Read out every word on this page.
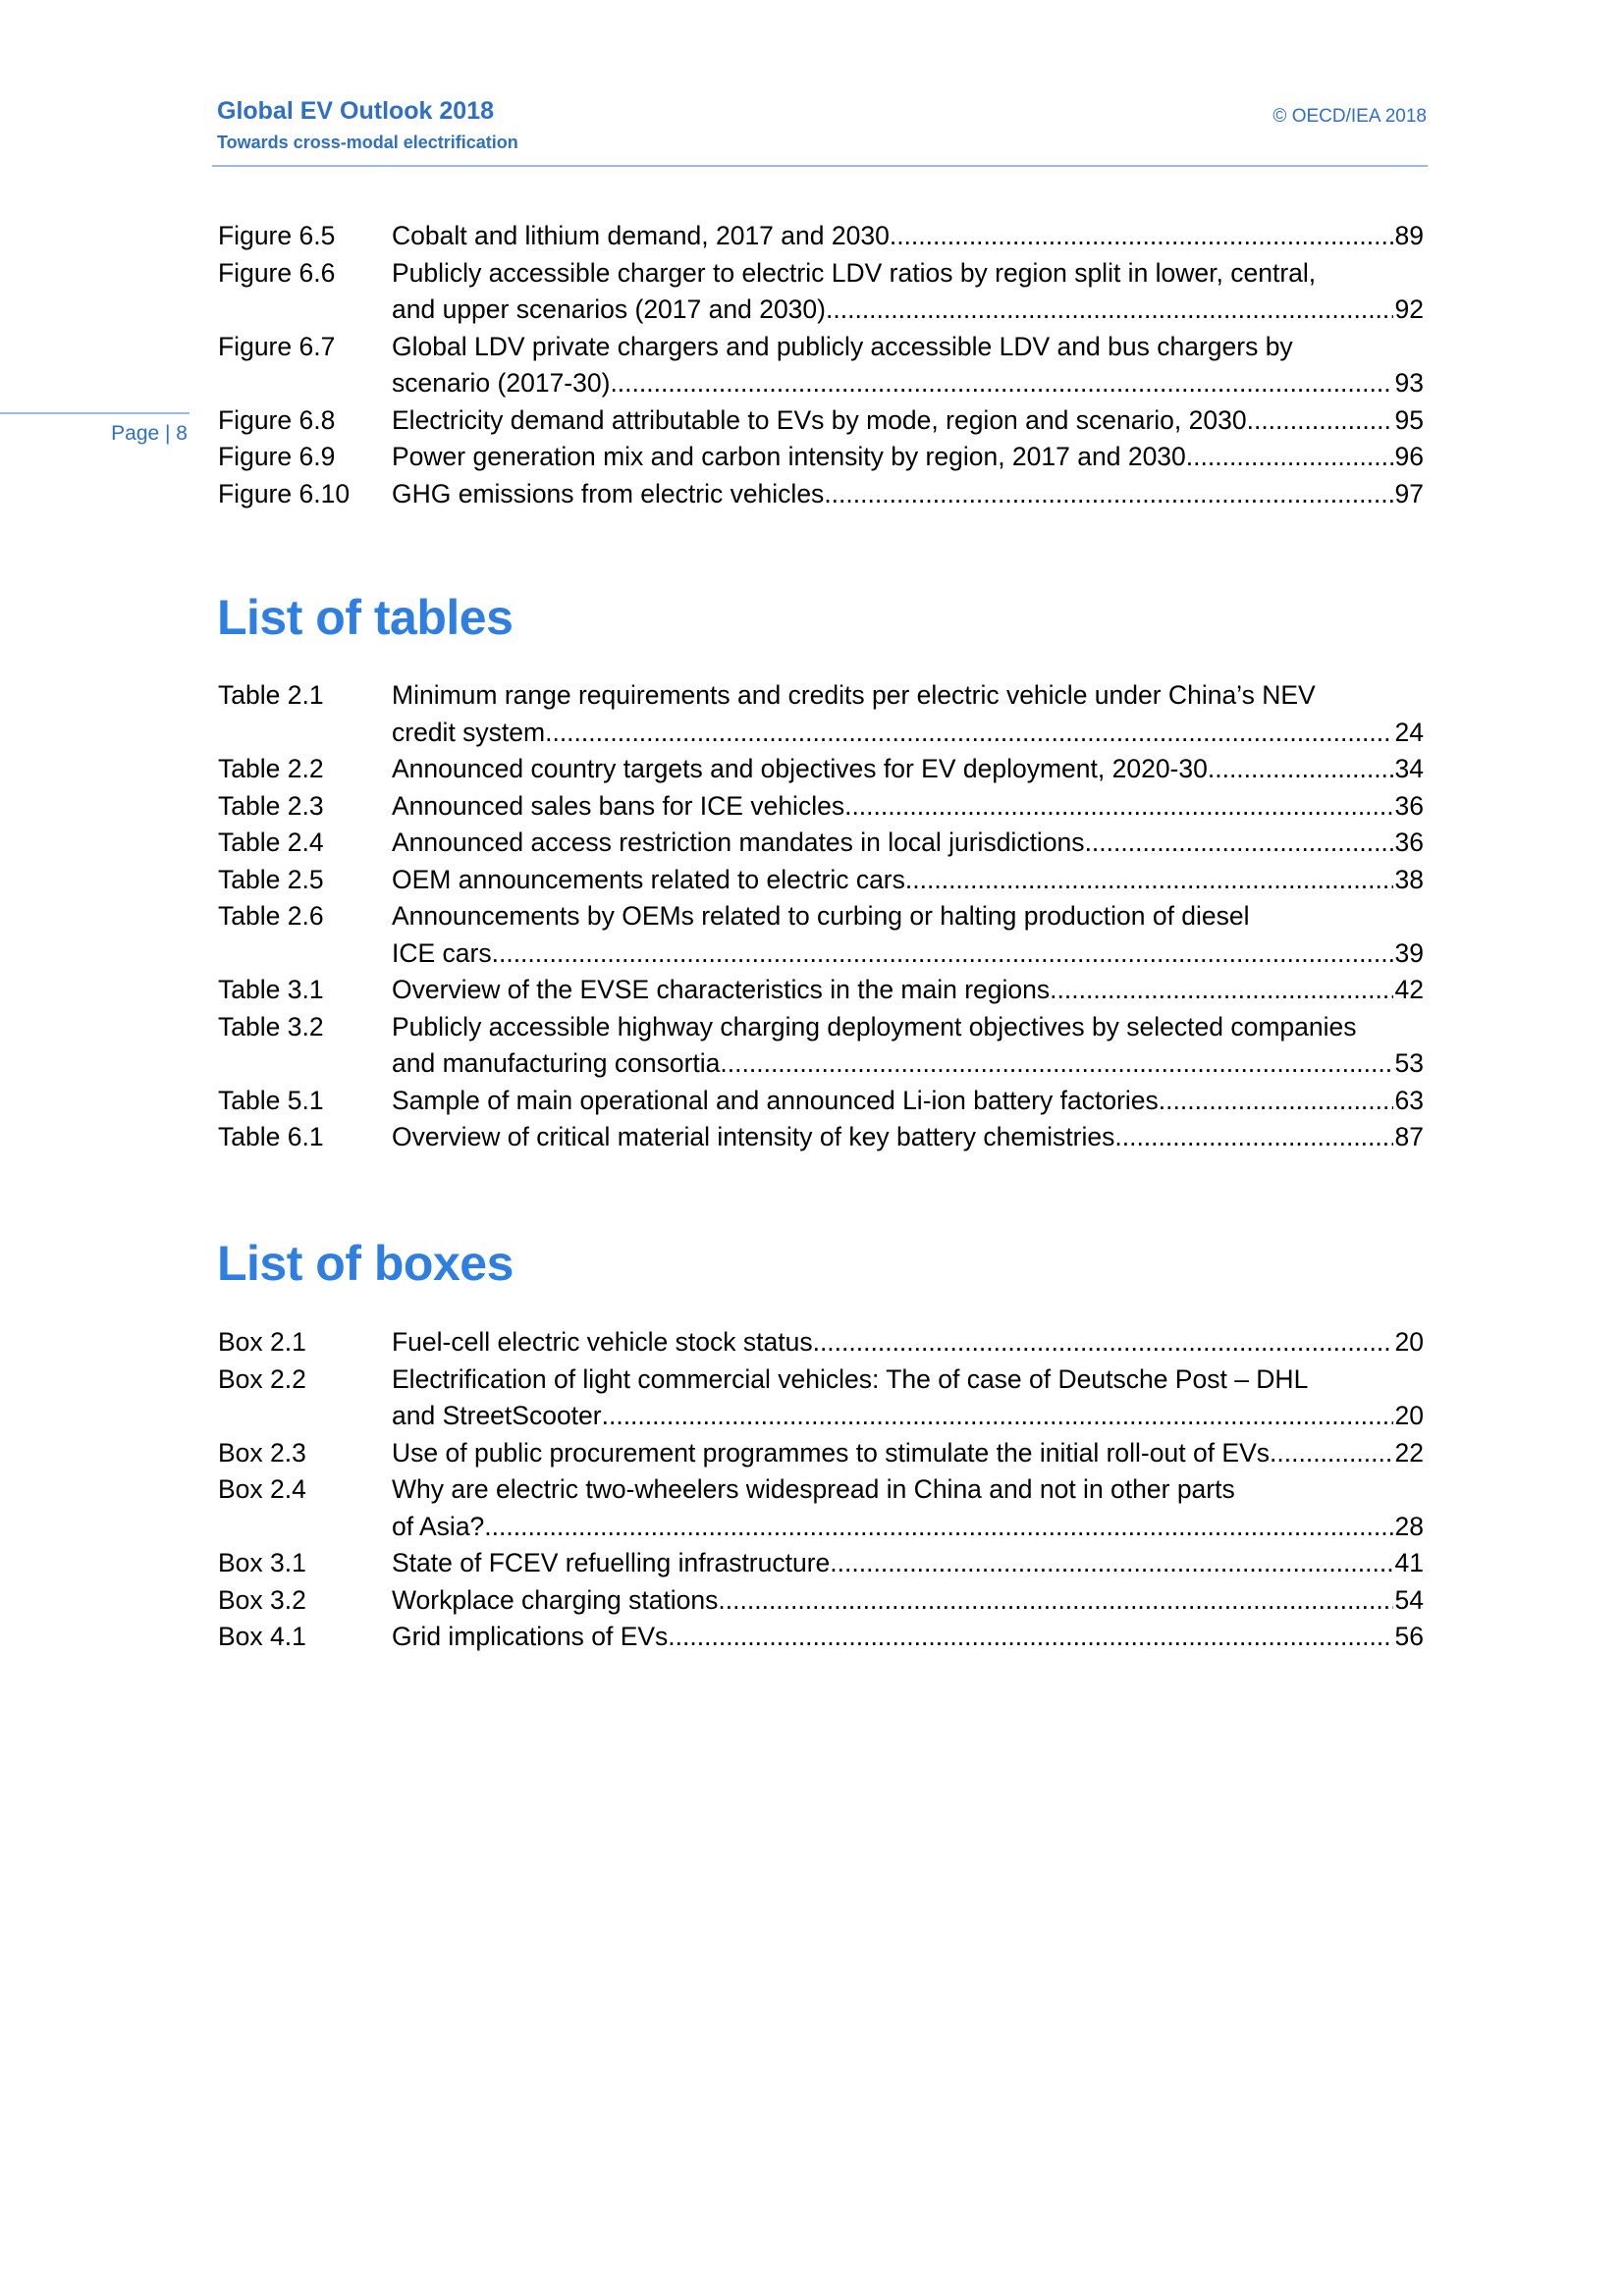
Global EV Outlook 2018
Towards cross-modal electrification
© OECD/IEA 2018
Page | 8
Figure 6.5	Cobalt and lithium demand, 2017 and 2030. .....	89
Figure 6.6	Publicly accessible charger to electric LDV ratios by region split in lower, central,
and upper scenarios (2017 and 2030) .....	92
Figure 6.7	Global LDV private chargers and publicly accessible LDV and bus chargers by
scenario (2017-30) .....	93
Figure 6.8	Electricity demand attributable to EVs by mode, region and scenario, 2030 .....	95
Figure 6.9	Power generation mix and carbon intensity by region, 2017 and 2030. .....	96
Figure 6.10	GHG emissions from electric vehicles .....	97
List of tables
Table 2.1	Minimum range requirements and credits per electric vehicle under China’s NEV
credit system .....	24
Table 2.2	Announced country targets and objectives for EV deployment, 2020-30. .....	34
Table 2.3	Announced sales bans for ICE vehicles .....	36
Table 2.4	Announced access restriction mandates in local jurisdictions .....	36
Table 2.5	OEM announcements related to electric cars .....	38
Table 2.6	Announcements by OEMs related to curbing or halting production of diesel
ICE cars .....	39
Table 3.1	Overview of the EVSE characteristics in the main regions. .....	42
Table 3.2	Publicly accessible highway charging deployment objectives by selected companies
and manufacturing consortia .....	53
Table 5.1	Sample of main operational and announced Li-ion battery factories .....	63
Table 6.1	Overview of critical material intensity of key battery chemistries .....	87
List of boxes
Box 2.1	Fuel-cell electric vehicle stock status .....	20
Box 2.2	Electrification of light commercial vehicles: The of case of Deutsche Post – DHL
and StreetScooter .....	20
Box 2.3	Use of public procurement programmes to stimulate the initial roll-out of EVs .....	22
Box 2.4	Why are electric two-wheelers widespread in China and not in other parts
of Asia? .....	28
Box 3.1	State of FCEV refuelling infrastructure .....	41
Box 3.2	Workplace charging stations .....	54
Box 4.1	Grid implications of EVs .....	56
